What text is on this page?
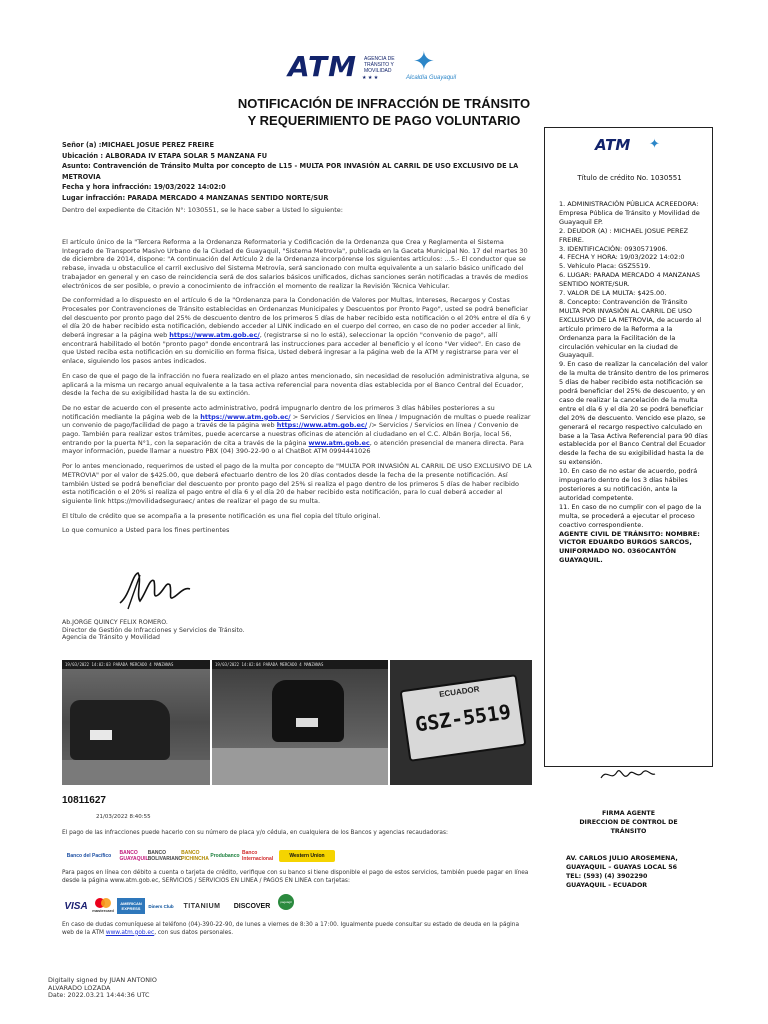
ATM AGENCIA DE
TRÁNSITO Y
MOVILIDAD
★ ★ ★
✦
Alcaldía Guayaquil
NOTIFICACIÓN DE INFRACCIÓN DE TRÁNSITO
Y REQUERIMIENTO DE PAGO VOLUNTARIO
Señor (a) :MICHAEL JOSUE PEREZ FREIRE
Ubicación : ALBORADA IV ETAPA SOLAR 5 MANZANA FU
Asunto: Contravención de Tránsito Multa por concepto de L15 - MULTA POR INVASIÓN AL CARRIL DE USO EXCLUSIVO DE LA METROVIA
Fecha y hora infracción: 19/03/2022 14:02:0
Lugar infracción: PARADA MERCADO 4 MANZANAS SENTIDO NORTE/SUR
Dentro del expediente de Citación N°: 1030551, se le hace saber a Usted lo siguiente:

El artículo único de la "Tercera Reforma a la Ordenanza Reformatoria y Codificación de la Ordenanza que Crea y Reglamenta el Sistema Integrado de Transporte Masivo Urbano de la Ciudad de Guayaquil, "Sistema Metrovía", publicada en la Gaceta Municipal No. 17 del martes 30 de diciembre de 2014, dispone: "A continuación del Artículo 2 de la Ordenanza incorpórense los siguientes artículos: …5.- El conductor que se rebase, invada u obstaculice el carril exclusivo del Sistema Metrovía, será sancionado con multa equivalente a un salario básico unificado del trabajador en general y en caso de reincidencia será de dos salarios básicos unificados, dichas sanciones serán notificadas a través de medios electrónicos de ser posible, o previo a conocimiento de infracción el momento de realizar la Revisión Técnica Vehicular.

De conformidad a lo dispuesto en el artículo 6 de la "Ordenanza para la Condonación de Valores por Multas, Intereses, Recargos y Costas Procesales por Contravenciones de Tránsito establecidas en Ordenanzas Municipales y Descuentos por Pronto Pago", usted se podrá beneficiar del descuento por pronto pago del 25% de descuento dentro de los primeros 5 días de haber recibido esta notificación o el 20% entre el día 6 y el día 20 de haber recibido esta notificación, debiendo acceder al LINK indicado en el cuerpo del correo, en caso de no poder acceder al link, deberá ingresar a la página web https://www.atm.gob.ec/, (registrarse si no lo está), seleccionar la opción "convenio de pago", allí encontrará habilitado el botón "pronto pago" donde encontrará las instrucciones para acceder al beneficio y el ícono "Ver video". En caso de que Usted reciba esta notificación en su domicilio en forma física, Usted deberá ingresar a la página web de la ATM y registrarse para ver el enlace, siguiendo los pasos antes indicados.

En caso de que el pago de la infracción no fuera realizado en el plazo antes mencionado, sin necesidad de resolución administrativa alguna, se aplicará a la misma un recargo anual equivalente a la tasa activa referencial para noventa días establecida por el Banco Central del Ecuador, desde la fecha de su exigibilidad hasta la de su extinción.

De no estar de acuerdo con el presente acto administrativo, podrá impugnarlo dentro de los primeros 3 días hábiles posteriores a su notificación mediante la página web de la https://www.atm.gob.ec/ > Servicios / Servicios en línea / Impugnación de multas o puede realizar un convenio de pago/facilidad de pago a través de la página web https://www.atm.gob.ec/ /> Servicios / Servicios en línea / Convenio de pago. También para realizar estos trámites, puede acercarse a nuestras oficinas de atención al ciudadano en el C.C. Albán Borja, local 56, entrando por la puerta N°1, con la separación de cita a través de la página www.atm.gob.ec, o atención presencial de manera directa. Para mayor información, puede llamar a nuestro PBX (04) 390-22-90 o al ChatBot ATM 0994441026

Por lo antes mencionado, requerimos de usted el pago de la multa por concepto de "MULTA POR INVASIÓN AL CARRIL DE USO EXCLUSIVO DE LA METROVIA" por el valor de $425.00, que deberá efectuarlo dentro de los 20 días contados desde la fecha de la presente notificación. Así también Usted se podrá beneficiar del descuento por pronto pago del 25% si realiza el pago dentro de los primeros 5 días de haber recibido esta notificación o el 20% si realiza el pago entre el día 6 y el día 20 de haber recibido esta notificación, para lo cual deberá acceder al siguiente link https://movilidadseguraec/ antes de realizar el pago de su multa.

El título de crédito que se acompaña a la presente notificación es una fiel copia del título original.

Lo que comunico a Usted para los fines pertinentes

Ab.JORGE QUINCY FELIX ROMERO.
Director de Gestión de Infracciones y Servicios de Tránsito.
Agencia de Tránsito y Movilidad
19/03/2022 14:02:03 PARADA MERCADO 4 MANZANAS	19/03/2022 14:02:04 PARADA MERCADO 4 MANZANAS
ECUADOR
GSZ-5519
10811627
21/03/2022 8:40:55
El pago de las infracciones puede hacerlo con su número de placa y/o cédula, en cualquiera de los Bancos y agencias recaudadoras:
Banco del Pacífico	BANCO GUAYAQUIL
BANCO BOLIVARIANO
BANCO PICHINCHA Produbanco Banco Internacional	Western Union
Para pagos en línea con débito a cuenta o tarjeta de crédito, verifique con su banco si tiene disponible el pago de estos servicios, también puede pagar en línea desde la página www.atm.gob.ec, SERVICIOS / SERVICIOS EN LINEA / PAGOS EN LINEA con tarjetas:
VISA	mastercard
AMERICAN EXPRESS	Diners Club	TITANIUM	DISCOVER
pagoágil
En caso de dudas comuníquese al teléfono (04)-390-22-90, de lunes a viernes de 8:30 a 17:00. Igualmente puede consultar su estado de deuda en la página web de la ATM www.atm.gob.ec, con sus datos personales.
Digitally signed by JUAN ANTONIO
ALVARADO LOZADA
Date: 2022.03.21 14:44:36 UTC
ATM ✦
Título de crédito No. 1030551
1. ADMINISTRACIÓN PÚBLICA ACREEDORA: Empresa Pública de Tránsito y Movilidad de Guayaquil EP.
2. DEUDOR (A) : MICHAEL JOSUE PEREZ FREIRE.
3. IDENTIFICACIÓN: 0930571906.
4. FECHA Y HORA: 19/03/2022 14:02:0
5. Vehículo Placa: GSZ5519.
6. LUGAR: PARADA MERCADO 4 MANZANAS SENTIDO NORTE/SUR.
7. VALOR DE LA MULTA: $425.00.
8. Concepto: Contravención de Tránsito MULTA POR INVASIÓN AL CARRIL DE USO EXCLUSIVO DE LA METROVIA, de acuerdo al artículo primero de la Reforma a la Ordenanza para la Facilitación de la circulación vehicular en la ciudad de Guayaquil.
9. En caso de realizar la cancelación del valor de la multa de tránsito dentro de los primeros 5 días de haber recibido esta notificación se podrá beneficiar del 25% de descuento, y en caso de realizar la cancelación de la multa entre el día 6 y el día 20 se podrá beneficiar del 20% de descuento. Vencido ese plazo, se generará el recargo respectivo calculado en base a la Tasa Activa Referencial para 90 días establecida por el Banco Central del Ecuador desde la fecha de su exigibilidad hasta la de su extensión.
10. En caso de no estar de acuerdo, podrá impugnarlo dentro de los 3 días hábiles posteriores a su notificación, ante la autoridad competente.
11. En caso de no cumplir con el pago de la multa, se procederá a ejecutar el proceso coactivo correspondiente.
AGENTE CIVIL DE TRÁNSITO: NOMBRE: VICTOR EDUARDO BURGOS SARCOS, UNIFORMADO NO. 0360CANTÓN GUAYAQUIL.
FIRMA AGENTE
DIRECCION DE CONTROL DE
TRÁNSITO
AV. CARLOS JULIO AROSEMENA,
GUAYAQUIL – GUAYAS LOCAL 56
TEL: (593) (4) 3902290
GUAYAQUIL - ECUADOR
